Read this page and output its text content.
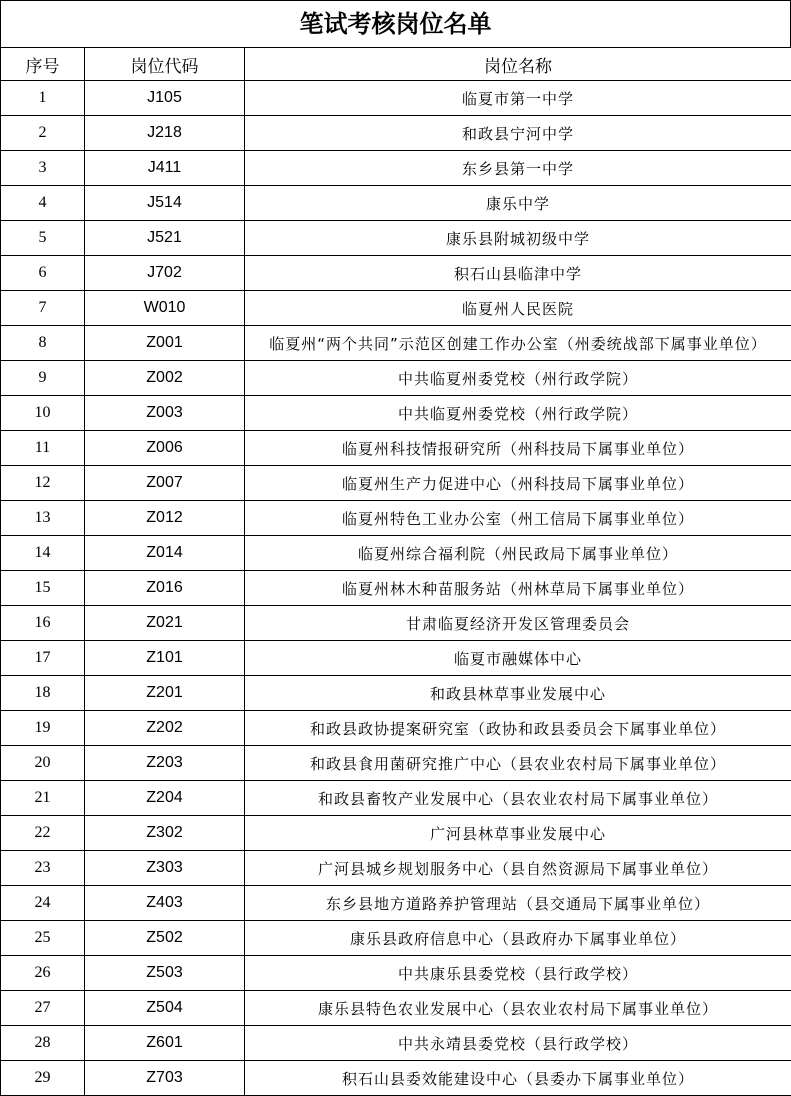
笔试考核岗位名单
序号	岗位代码	岗位名称
1	J105	临夏市第一中学
2	J218	和政县宁河中学
3	J411	东乡县第一中学
4	J514	康乐中学
5	J521	康乐县附城初级中学
6	J702	积石山县临津中学
7	W010	临夏州人民医院
8	Z001	临夏州“两个共同”示范区创建工作办公室（州委统战部下属事业单位）
9	Z002	中共临夏州委党校（州行政学院）
10	Z003	中共临夏州委党校（州行政学院）
11	Z006	临夏州科技情报研究所（州科技局下属事业单位）
12	Z007	临夏州生产力促进中心（州科技局下属事业单位）
13	Z012	临夏州特色工业办公室（州工信局下属事业单位）
14	Z014	临夏州综合福利院（州民政局下属事业单位）
15	Z016	临夏州林木种苗服务站（州林草局下属事业单位）
16	Z021	甘肃临夏经济开发区管理委员会
17	Z101	临夏市融媒体中心
18	Z201	和政县林草事业发展中心
19	Z202	和政县政协提案研究室（政协和政县委员会下属事业单位）
20	Z203	和政县食用菌研究推广中心（县农业农村局下属事业单位）
21	Z204	和政县畜牧产业发展中心（县农业农村局下属事业单位）
22	Z302	广河县林草事业发展中心
23	Z303	广河县城乡规划服务中心（县自然资源局下属事业单位）
24	Z403	东乡县地方道路养护管理站（县交通局下属事业单位）
25	Z502	康乐县政府信息中心（县政府办下属事业单位）
26	Z503	中共康乐县委党校（县行政学校）
27	Z504	康乐县特色农业发展中心（县农业农村局下属事业单位）
28	Z601	中共永靖县委党校（县行政学校）
29	Z703	积石山县委效能建设中心（县委办下属事业单位）
